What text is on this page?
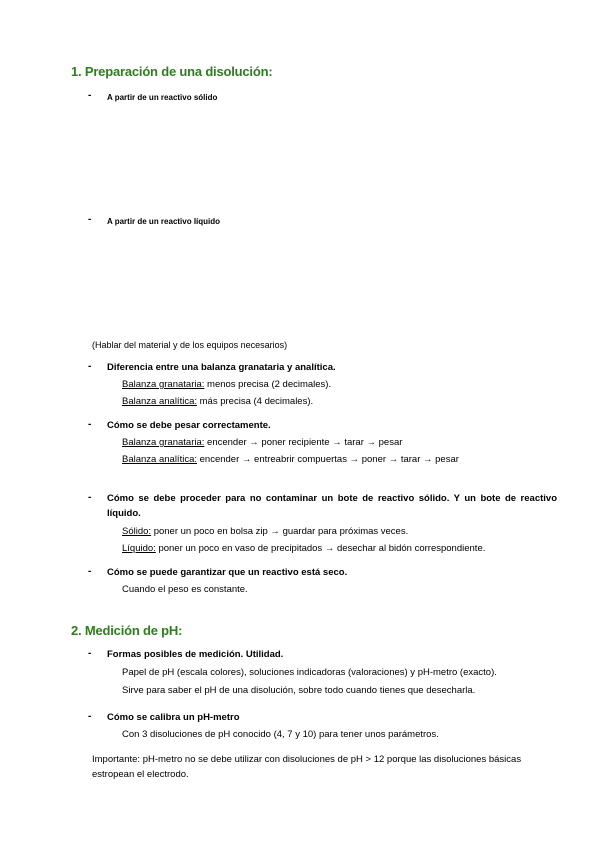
1. Preparación de una disolución:
- A partir de un reactivo sólido
- A partir de un reactivo líquido
(Hablar del material y de los equipos necesarios)
- Diferencia entre una balanza granataria y analítica.
Balanza granataria: menos precisa (2 decimales).
Balanza analítica: más precisa (4 decimales).
- Cómo se debe pesar correctamente.
Balanza granataria: encender → poner recipiente → tarar → pesar
Balanza analítica: encender → entreabrir compuertas → poner → tarar → pesar
- Cómo se debe proceder para no contaminar un bote de reactivo sólido. Y un bote de reactivo líquido.
Sólido: poner un poco en bolsa zip → guardar para próximas veces.
Líquido: poner un poco en vaso de precipitados → desechar al bidón correspondiente.
- Cómo se puede garantizar que un reactivo está seco.
Cuando el peso es constante.
2. Medición de pH:
- Formas posibles de medición. Utilidad.
Papel de pH (escala colores), soluciones indicadoras (valoraciones) y pH-metro (exacto).
Sirve para saber el pH de una disolución, sobre todo cuando tienes que desecharla.
- Cómo se calibra un pH-metro
Con 3 disoluciones de pH conocido (4, 7 y 10) para tener unos parámetros.
Importante: pH-metro no se debe utilizar con disoluciones de pH > 12 porque las disoluciones básicas estropean el electrodo.
